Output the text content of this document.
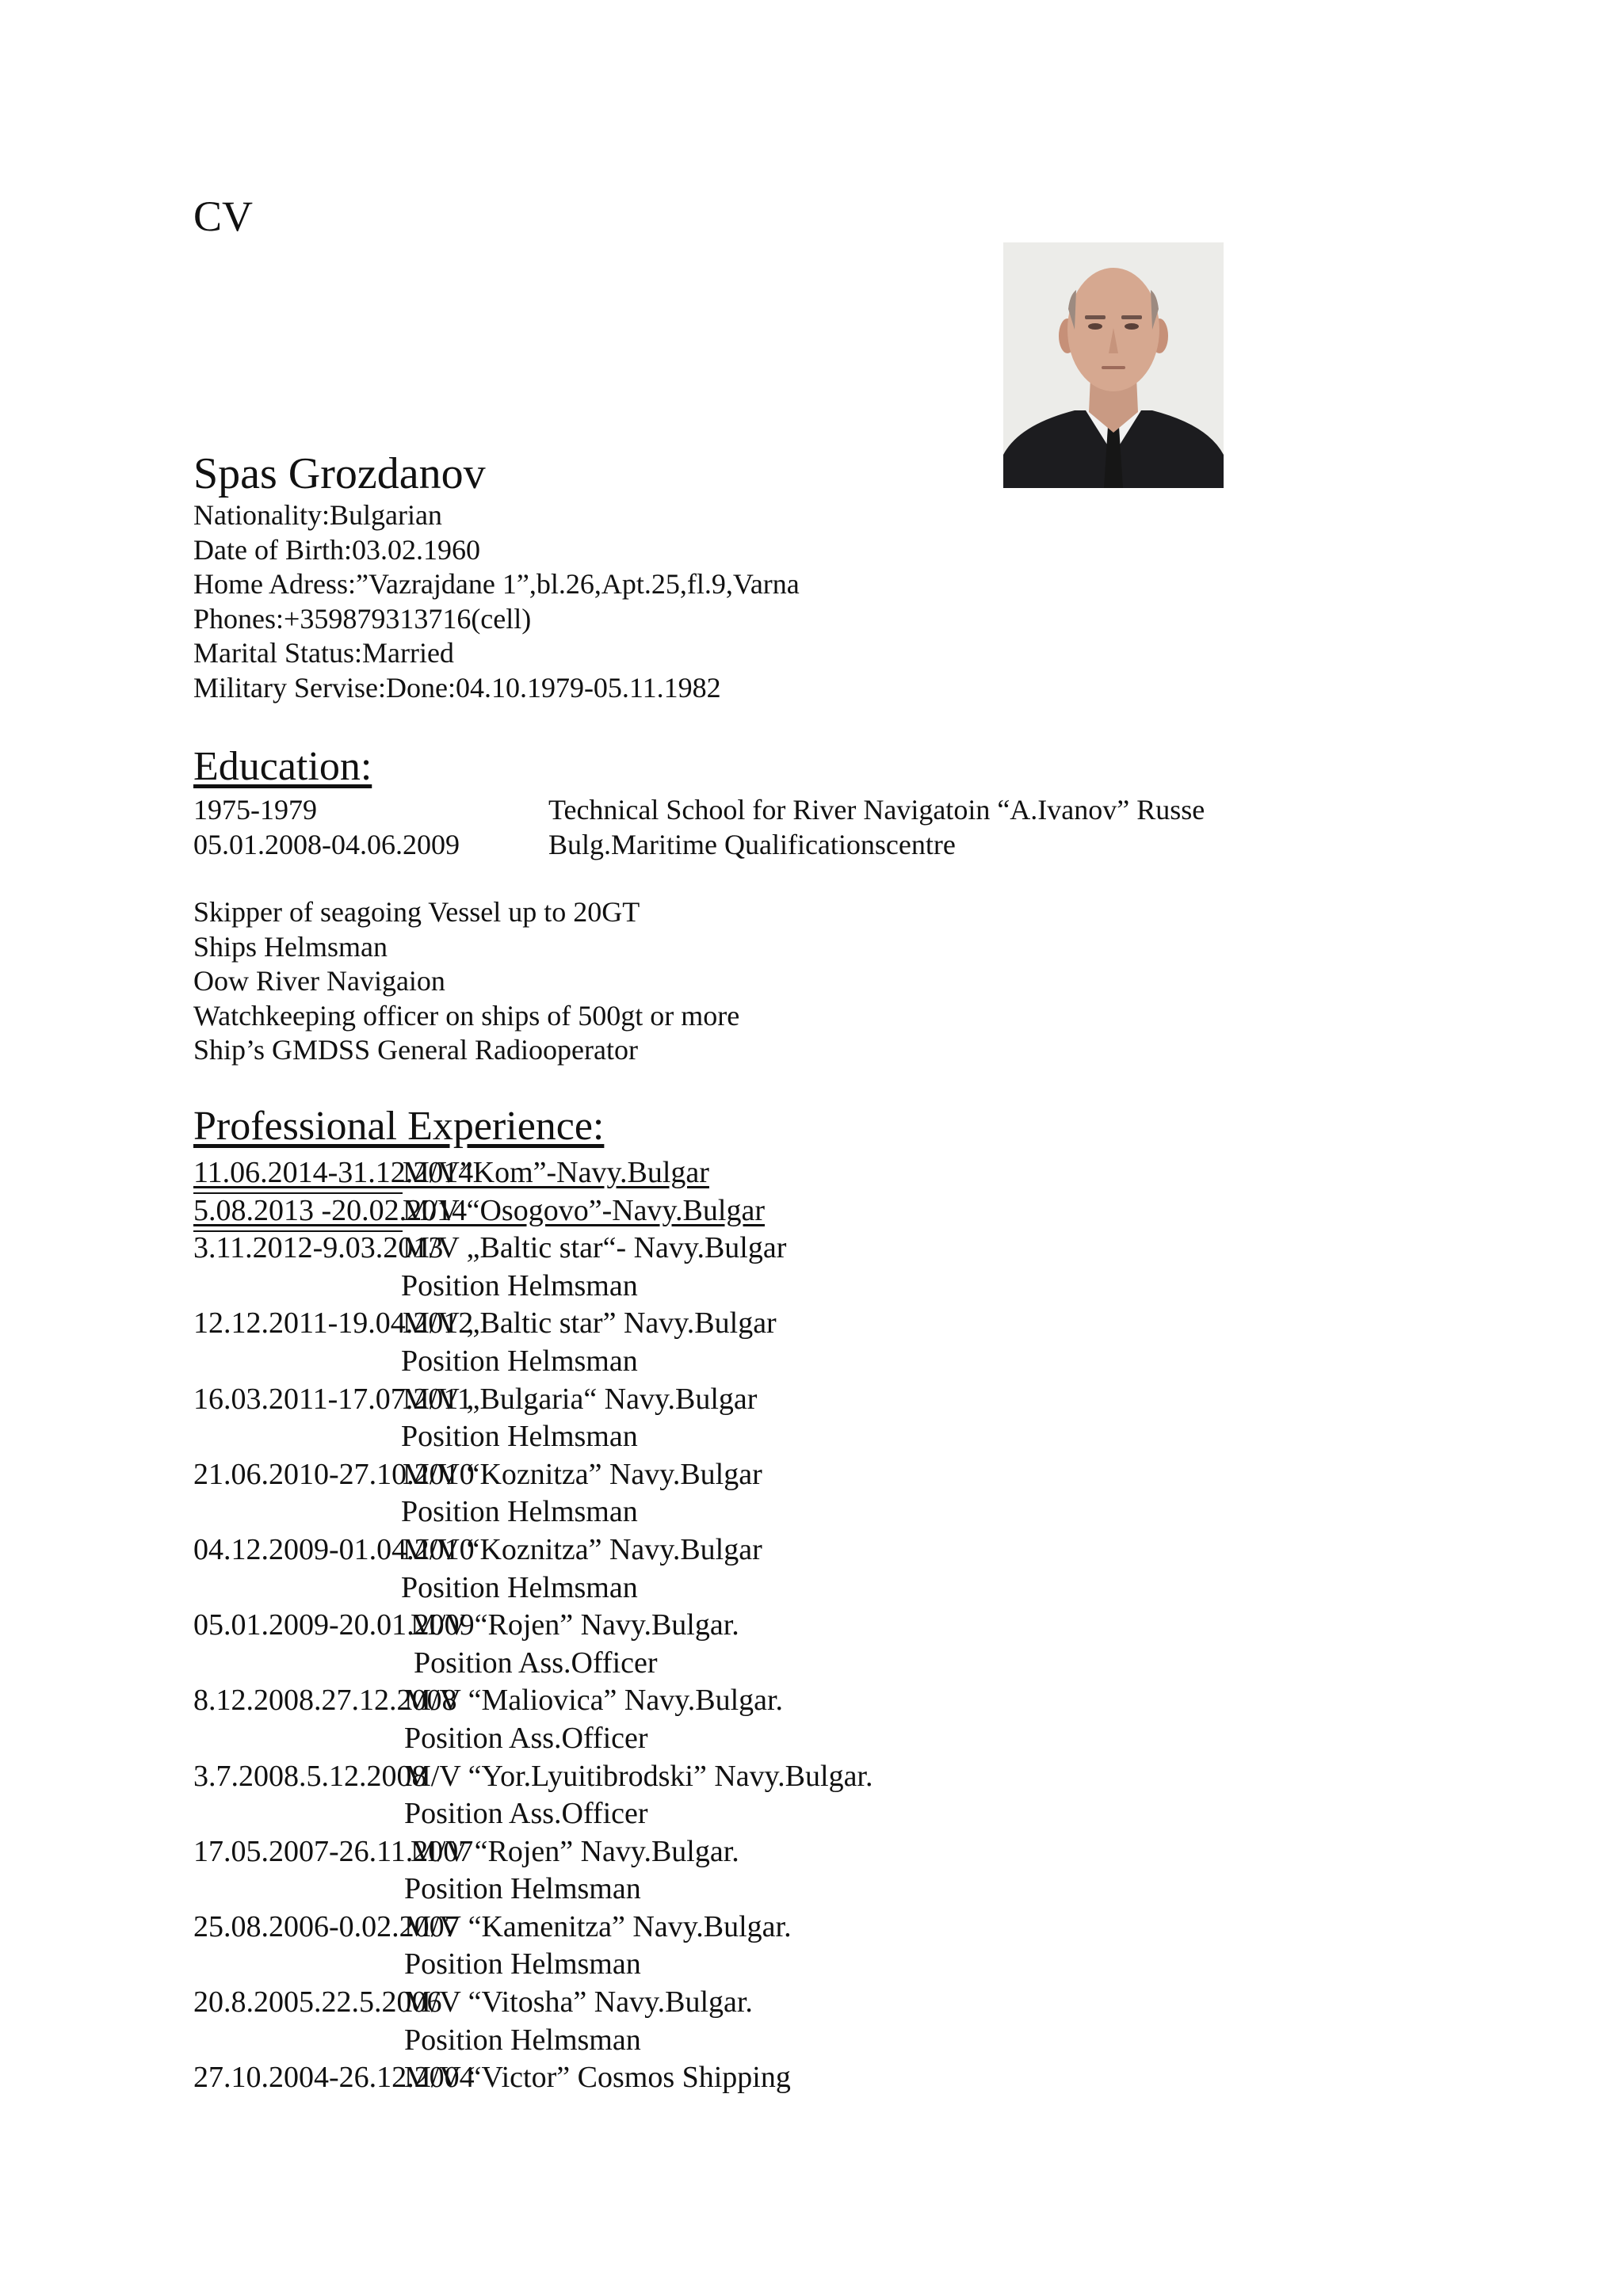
CV
Spas Grozdanov
Nationality:Bulgarian
Date of Birth:03.02.1960
Home Adress:”Vazrajdane 1”,bl.26,Apt.25,fl.9,Varna
Phones:+359879313716(cell)
Marital Status:Married
Military Servise:Done:04.10.1979-05.11.1982
Education:
1975-1979	Technical School for River Navigatoin “A.Ivanov” Russe
05.01.2008-04.06.2009	Bulg.Maritime Qualificationscentre
Skipper of seagoing Vessel up to 20GT
Ships Helmsman
Oow River Navigaion
Watchkeeping officer on ships of 500gt or more
Ship’s GMDSS General Radiooperator
Professional Experience:
11.06.2014-31.12.2014
M/V”Kom”-Navy.Bulgar
5.08.2013 -20.02.2014
M/V “Osogovo”-Navy.Bulgar
3.11.2012-9.03.2013
M/V „Baltic star“- Navy.Bulgar
Position Helmsman
12.12.2011-19.04.2012
M/V „Baltic star” Navy.Bulgar
Position Helmsman
16.03.2011-17.07.2011
M/V „Bulgaria“ Navy.Bulgar
Position Helmsman
21.06.2010-27.10.2010
M/V “Koznitza” Navy.Bulgar
Position Helmsman
04.12.2009-01.04.2010
M/V “Koznitza” Navy.Bulgar
Position Helmsman
05.01.2009-20.01.2009
M/V “Rojen” Navy.Bulgar.
Position Ass.Officer
8.12.2008.27.12.2008
M/V “Maliovica” Navy.Bulgar.
Position Ass.Officer
3.7.2008.5.12.2008
M/V “Yor.Lyuitibrodski” Navy.Bulgar.
Position Ass.Officer
17.05.2007-26.11.2007
M/V “Rojen” Navy.Bulgar.
Position Helmsman
25.08.2006-0.02.2007
M/V “Kamenitza” Navy.Bulgar.
Position Helmsman
20.8.2005.22.5.2006
M/V “Vitosha” Navy.Bulgar.
Position Helmsman
27.10.2004-26.12.2004
M/V “Victor” Cosmos Shipping
